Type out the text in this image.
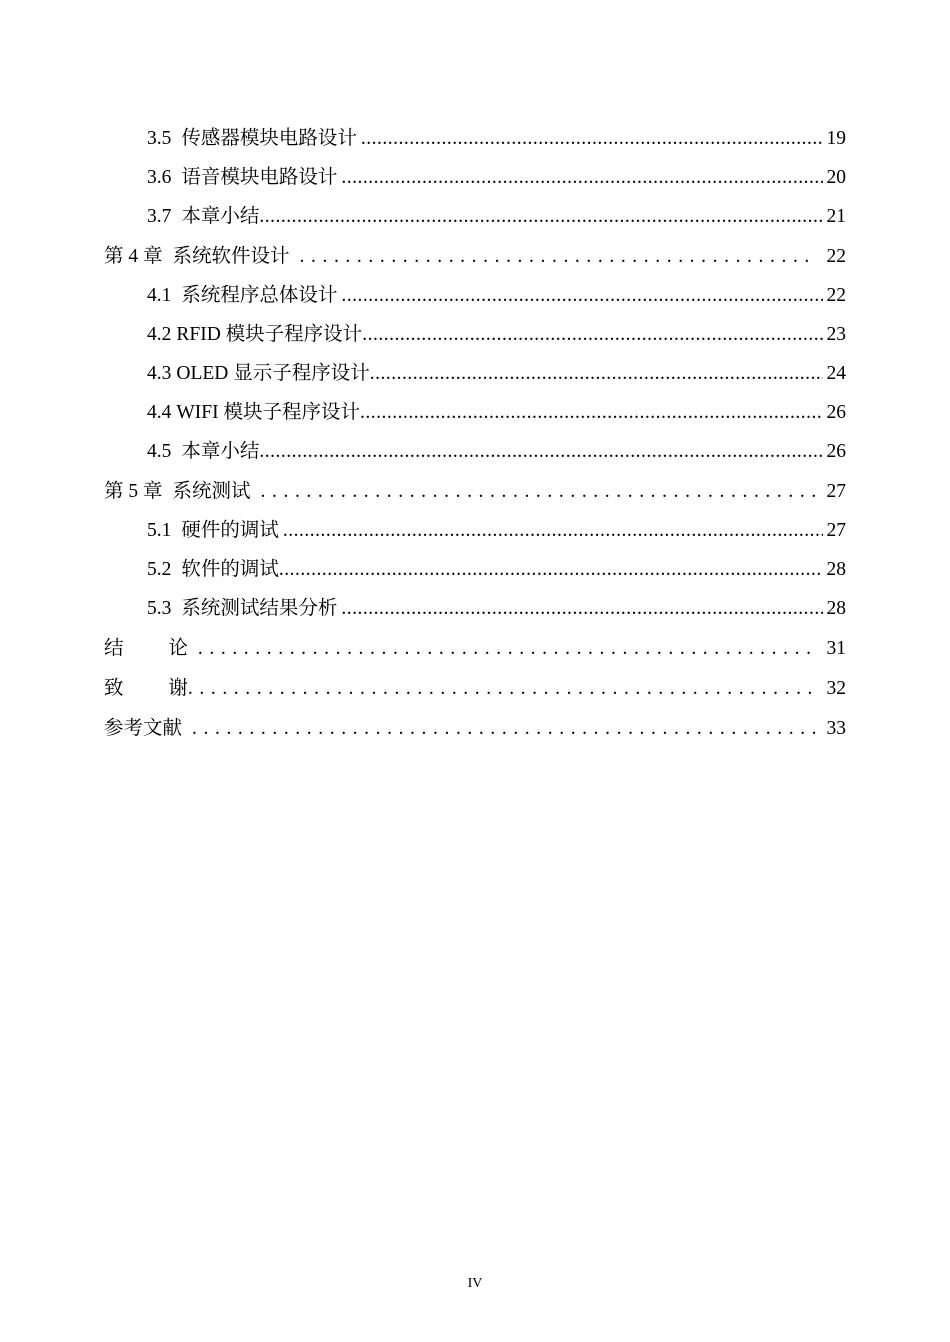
3.5 传感器模块电路设计 .....	19
3.6 语音模块电路设计 .....	20
3.7 本章小结 .....	21
第 4 章 系统软件设计 .....	22
4.1 系统程序总体设计 .....	22
4.2 RFID 模块子程序设计 .....	23
4.3 OLED 显示子程序设计 .....	24
4.4 WIFI 模块子程序设计 .....	26
4.5 本章小结 .....	26
第 5 章 系统测试 .....	27
5.1 硬件的调试 .....	27
5.2 软件的调试 .....	28
5.3 系统测试结果分析 .....	28
结 论 .....	31
致 谢 .....	32
参考文献 .....	33
IV
